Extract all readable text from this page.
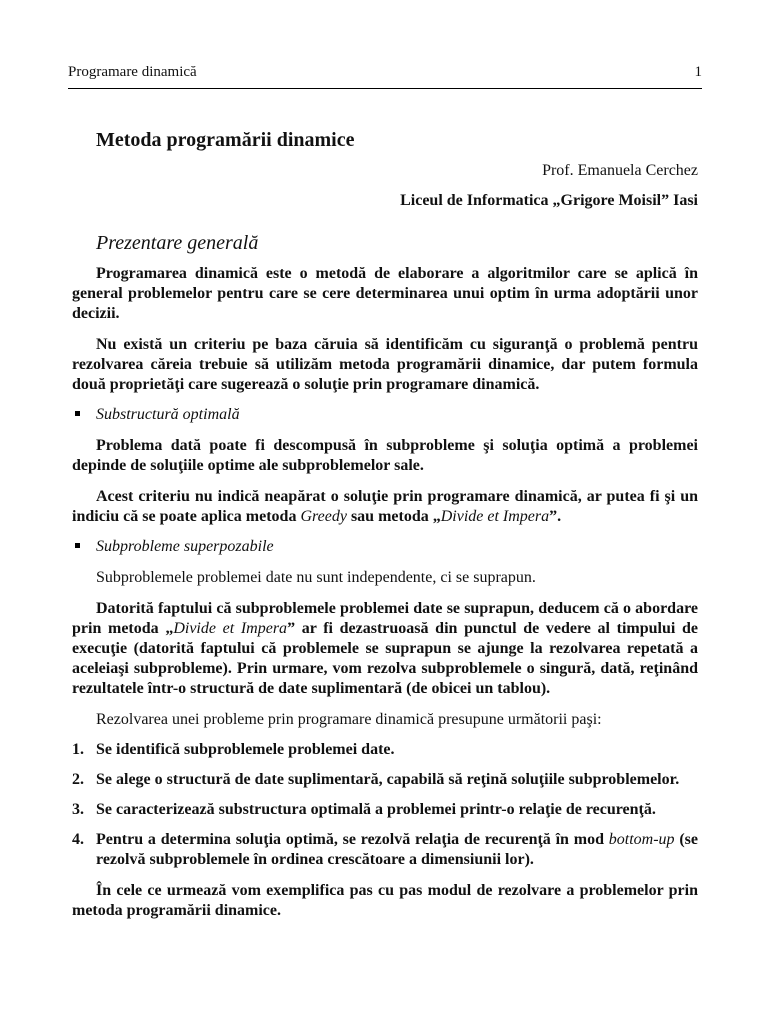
Programare dinamică	1
Metoda programării dinamice
Prof. Emanuela Cerchez
Liceul de Informatica „Grigore Moisil” Iasi
Prezentare generală

Programarea dinamică este o metodă de elaborare a algoritmilor care se aplică în general problemelor pentru care se cere determinarea unui optim în urma adoptării unor decizii.

Nu există un criteriu pe baza căruia să identificăm cu siguranţă o problemă pentru rezolvarea căreia trebuie să utilizăm metoda programării dinamice, dar putem formula două proprietăţi care sugerează o soluţie prin programare dinamică.

Substructură optimală

Problema dată poate fi descompusă în subprobleme şi soluţia optimă a problemei depinde de soluţiile optime ale subproblemelor sale.

Acest criteriu nu indică neapărat o soluţie prin programare dinamică, ar putea fi şi un indiciu că se poate aplica metoda Greedy sau metoda „Divide et Impera”.

Subprobleme superpozabile

Subproblemele problemei date nu sunt independente, ci se suprapun.

Datorită faptului că subproblemele problemei date se suprapun, deducem că o abordare prin metoda „Divide et Impera” ar fi dezastruoasă din punctul de vedere al timpului de execuţie (datorită faptului că problemele se suprapun se ajunge la rezolvarea repetată a aceleiaşi subprobleme). Prin urmare, vom rezolva subproblemele o singură, dată, reţinând rezultatele într-o structură de date suplimentară (de obicei un tablou).

Rezolvarea unei probleme prin programare dinamică presupune următorii paşi:

1. Se identifică subproblemele problemei date.
2. Se alege o structură de date suplimentară, capabilă să reţină soluţiile subproblemelor.
3. Se caracterizează substructura optimală a problemei printr-o relaţie de recurenţă.
4. Pentru a determina soluţia optimă, se rezolvă relaţia de recurenţă în mod bottom-up (se rezolvă subproblemele în ordinea crescătoare a dimensiunii lor).

În cele ce urmează vom exemplifica pas cu pas modul de rezolvare a problemelor prin metoda programării dinamice.
